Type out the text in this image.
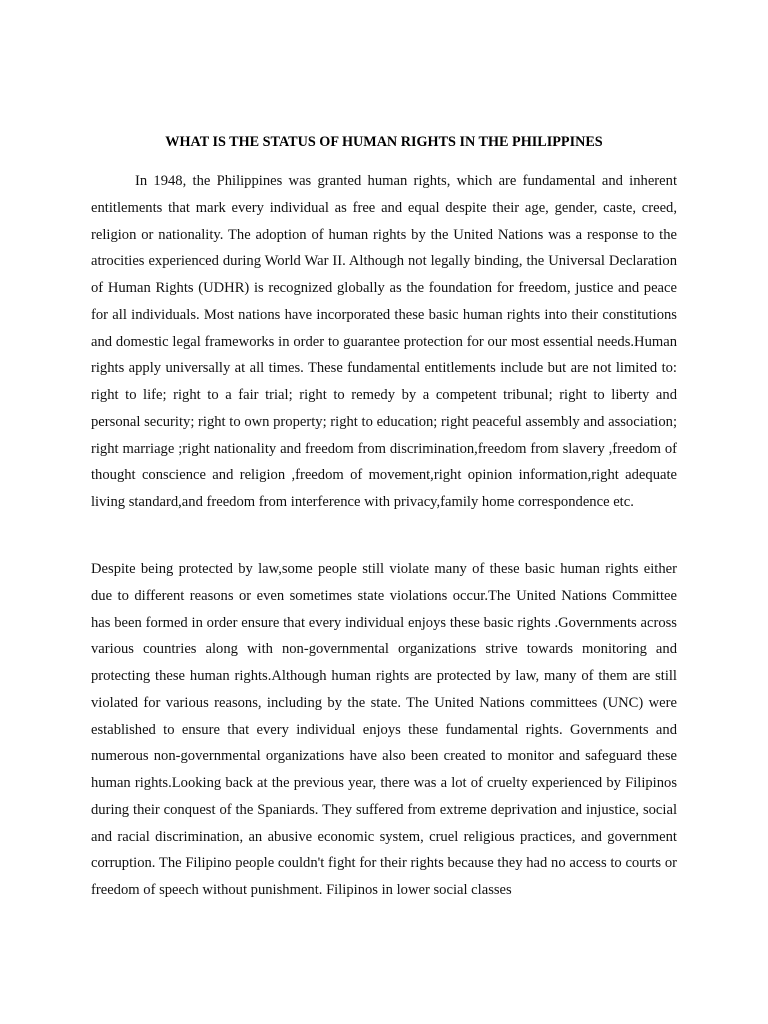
WHAT IS THE STATUS OF HUMAN RIGHTS IN THE PHILIPPINES

In 1948, the Philippines was granted human rights, which are fundamental and inherent entitlements that mark every individual as free and equal despite their age, gender, caste, creed, religion or nationality. The adoption of human rights by the United Nations was a response to the atrocities experienced during World War II. Although not legally binding, the Universal Declaration of Human Rights (UDHR) is recognized globally as the foundation for freedom, justice and peace for all individuals. Most nations have incorporated these basic human rights into their constitutions and domestic legal frameworks in order to guarantee protection for our most essential needs.Human rights apply universally at all times. These fundamental entitlements include but are not limited to: right to life; right to a fair trial; right to remedy by a competent tribunal; right to liberty and personal security; right to own property; right to education; right peaceful assembly and association; right marriage ;right nationality and freedom from discrimination,freedom from slavery ,freedom of thought conscience and religion ,freedom of movement,right opinion information,right adequate living standard,and freedom from interference with privacy,family home correspondence etc.

Despite being protected by law,some people still violate many of these basic human rights either due to different reasons or even sometimes state violations occur.The United Nations Committee has been formed in order ensure that every individual enjoys these basic rights .Governments across various countries along with non-governmental organizations strive towards monitoring and protecting these human rights.Although human rights are protected by law, many of them are still violated for various reasons, including by the state. The United Nations committees (UNC) were established to ensure that every individual enjoys these fundamental rights. Governments and numerous non-governmental organizations have also been created to monitor and safeguard these human rights.Looking back at the previous year, there was a lot of cruelty experienced by Filipinos during their conquest of the Spaniards. They suffered from extreme deprivation and injustice, social and racial discrimination, an abusive economic system, cruel religious practices, and government corruption. The Filipino people couldn't fight for their rights because they had no access to courts or freedom of speech without punishment. Filipinos in lower social classes
